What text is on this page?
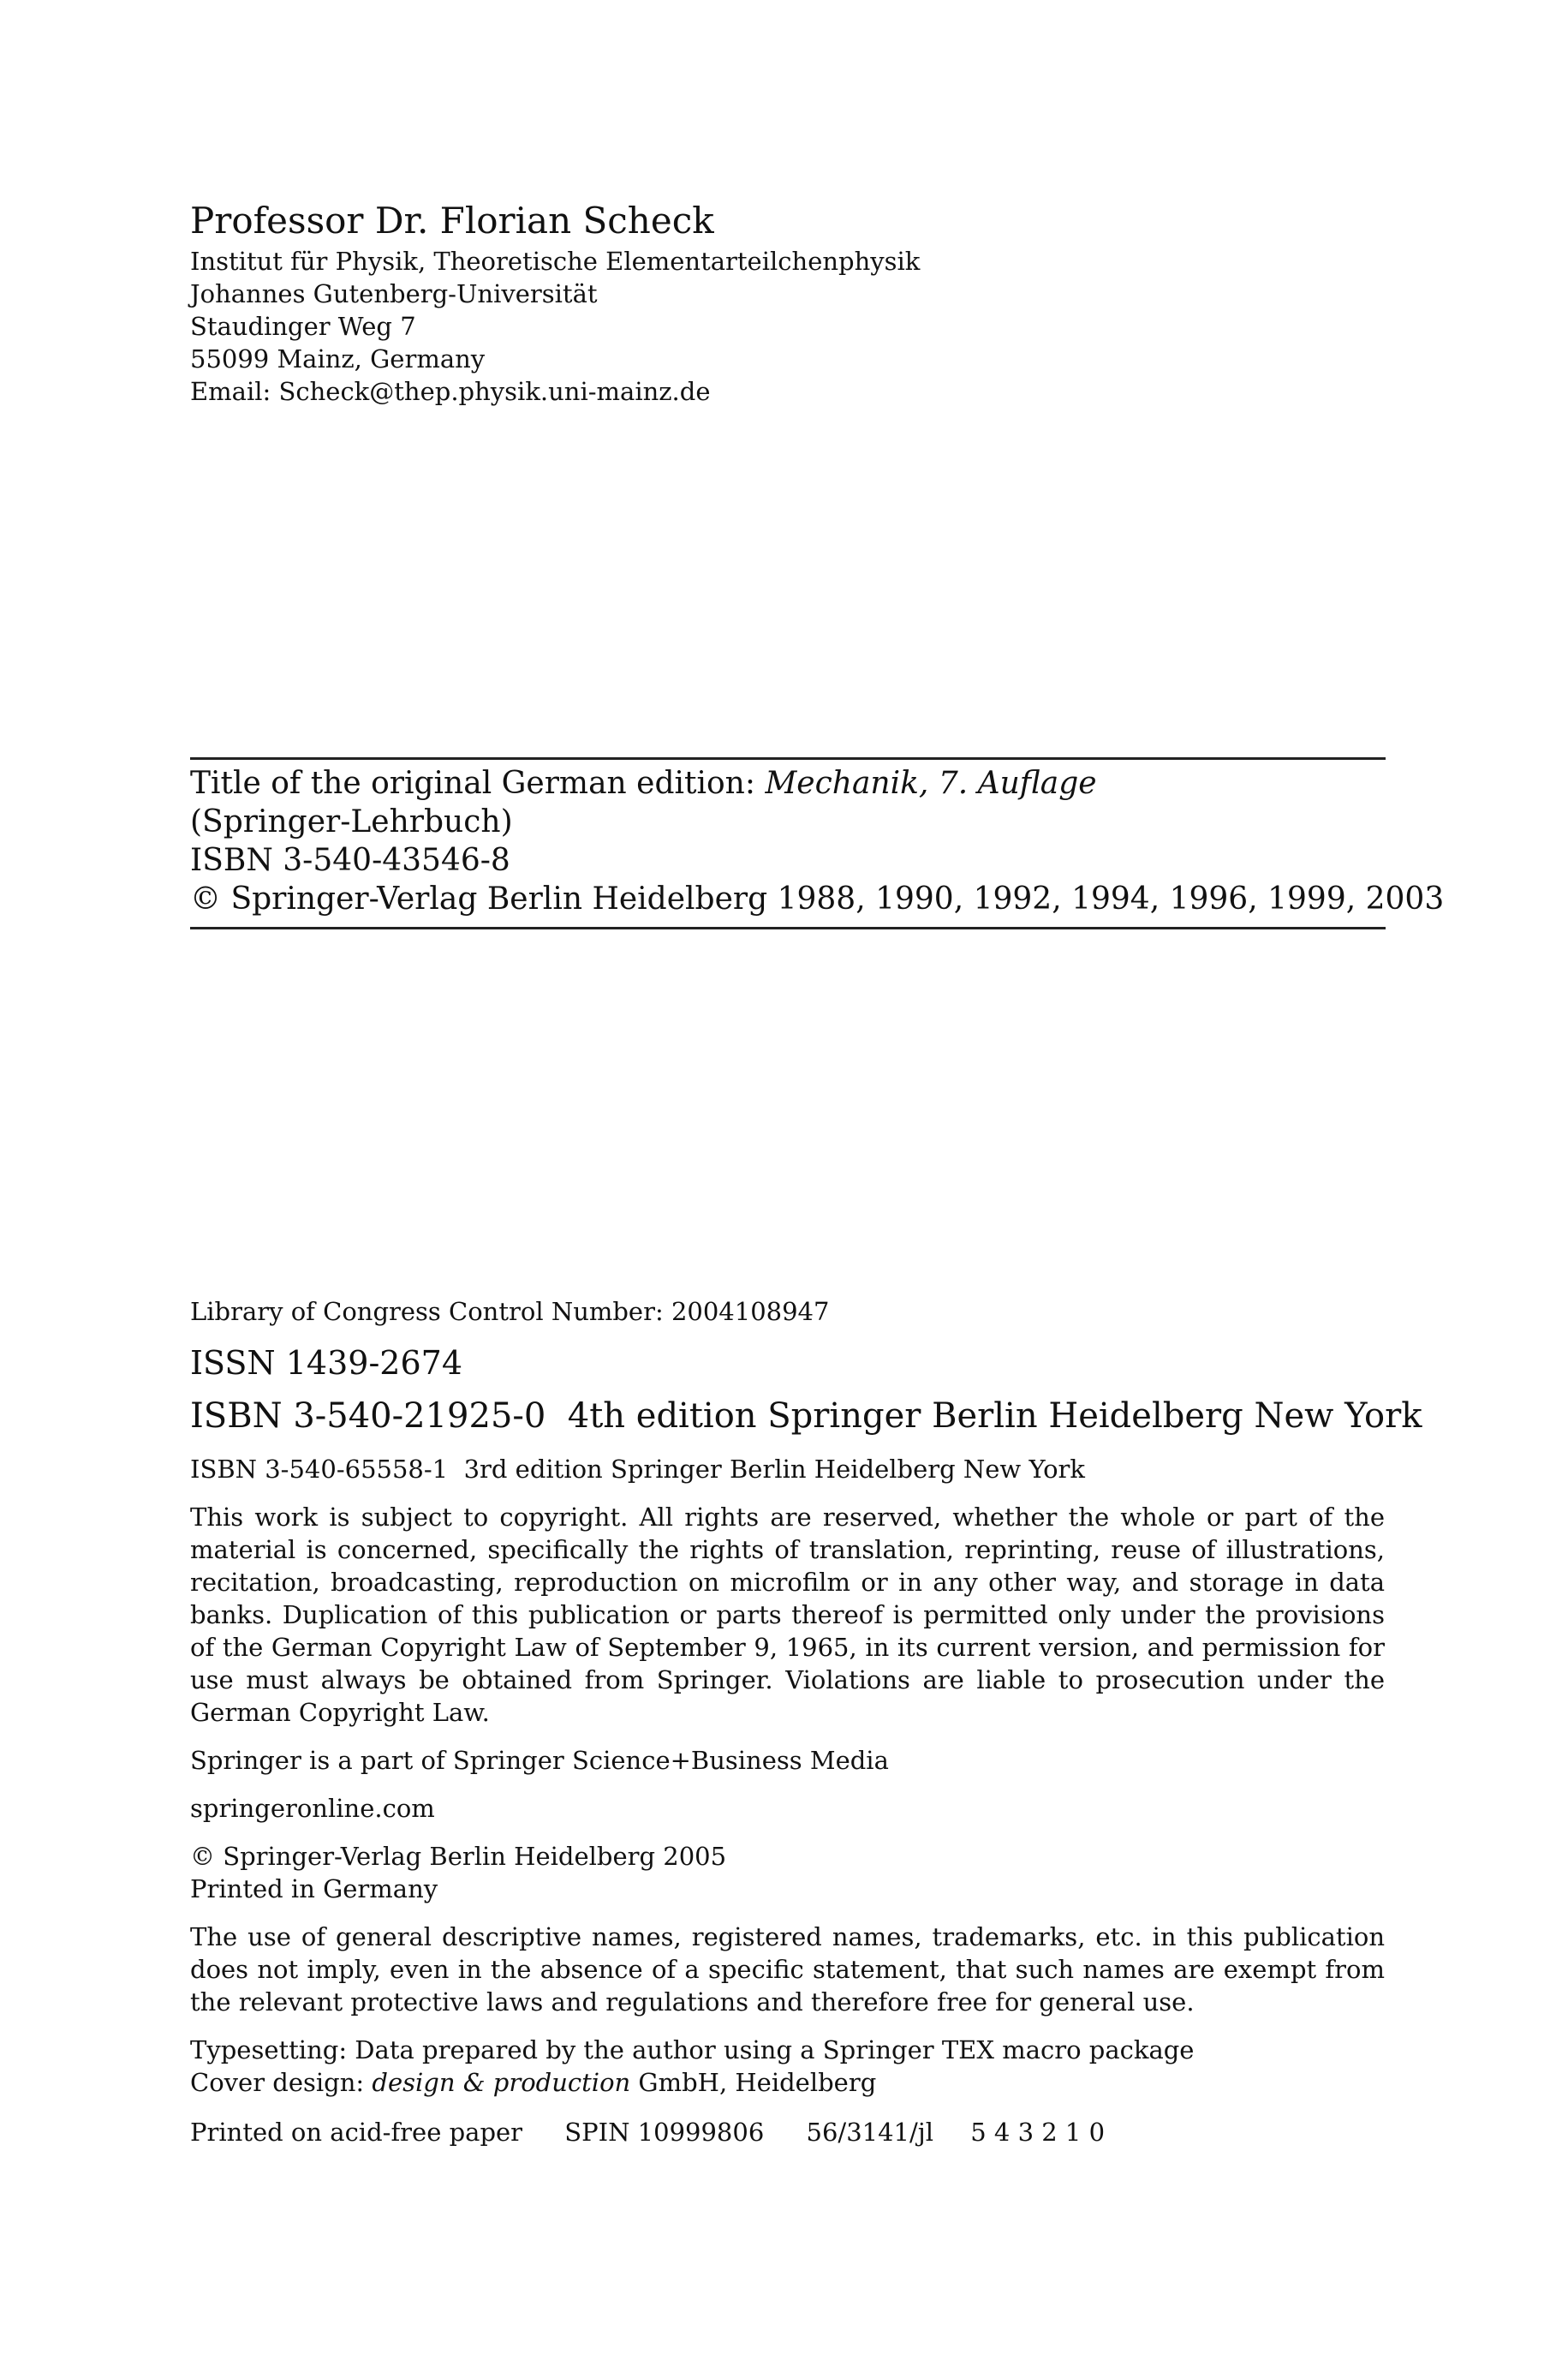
Professor Dr. Florian Scheck
Institut für Physik, Theoretische Elementarteilchenphysik
Johannes Gutenberg-Universität
Staudinger Weg 7
55099 Mainz, Germany
Email: Scheck@thep.physik.uni-mainz.de
Title of the original German edition: Mechanik, 7. Auflage
(Springer-Lehrbuch)
ISBN 3-540-43546-8
© Springer-Verlag Berlin Heidelberg 1988, 1990, 1992, 1994, 1996, 1999, 2003
Library of Congress Control Number: 2004108947
ISSN 1439-2674
ISBN 3-540-21925-0  4th edition Springer Berlin Heidelberg New York
ISBN 3-540-65558-1  3rd edition Springer Berlin Heidelberg New York
This work is subject to copyright. All rights are reserved, whether the whole or part of the material is concerned, specifically the rights of translation, reprinting, reuse of illustrations, recitation, broadcasting, reproduction on microfilm or in any other way, and storage in data banks. Duplication of this publication or parts thereof is permitted only under the provisions of the German Copyright Law of September 9, 1965, in its current version, and permission for use must always be obtained from Springer. Violations are liable to prosecution under the German Copyright Law.
Springer is a part of Springer Science+Business Media
springeronline.com
© Springer-Verlag Berlin Heidelberg 2005
Printed in Germany
The use of general descriptive names, registered names, trademarks, etc. in this publication does not imply, even in the absence of a specific statement, that such names are exempt from the relevant protective laws and regulations and therefore free for general use.
Typesetting: Data prepared by the author using a Springer TEX macro package
Cover design: design & production GmbH, Heidelberg
Printed on acid-free paper SPIN 10999806 56/3141/jl 5 4 3 2 1 0
